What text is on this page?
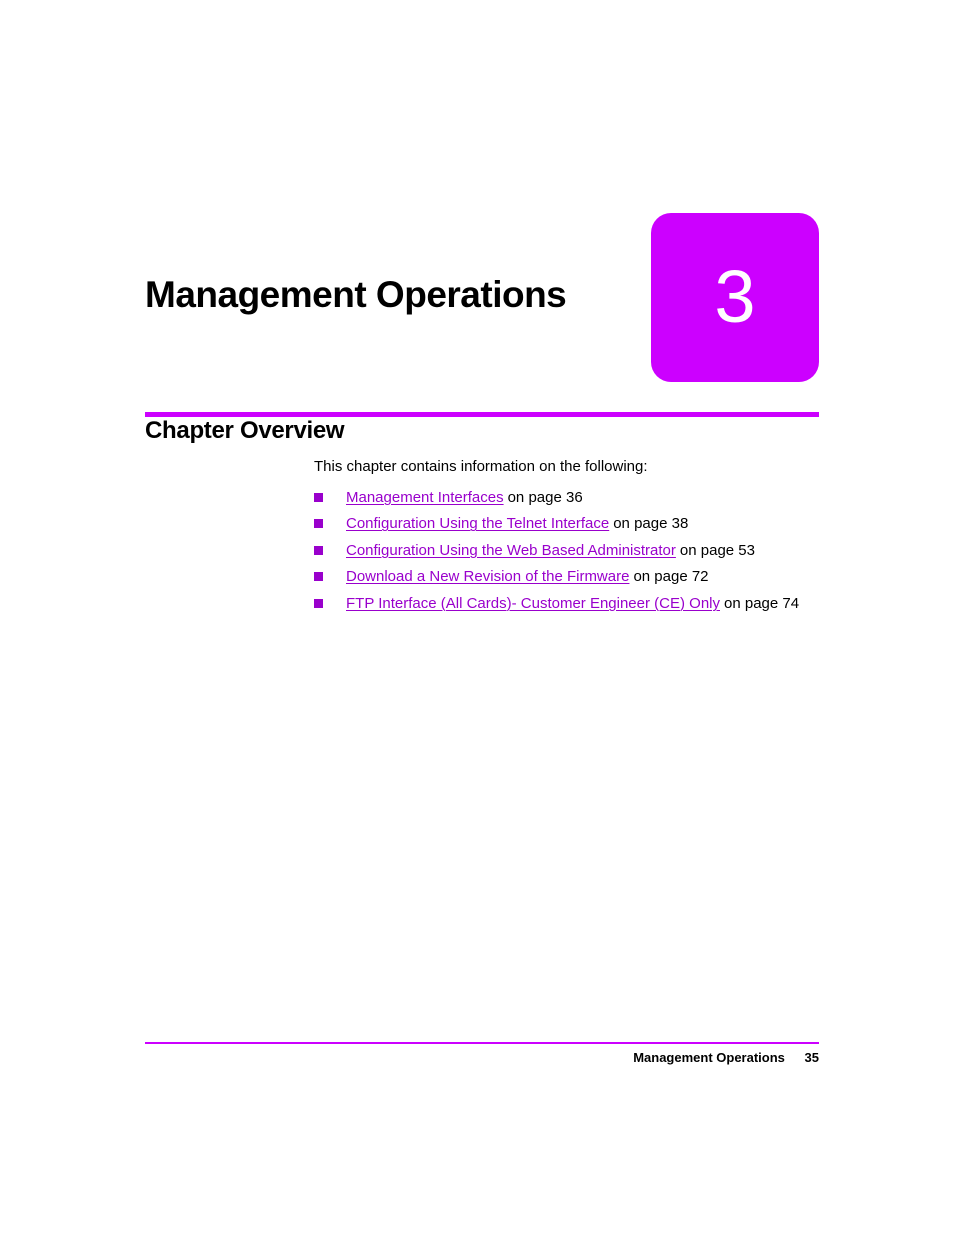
Management Operations 3
Chapter Overview

This chapter contains information on the following:

Management Interfaces on page 36
Configuration Using the Telnet Interface on page 38
Configuration Using the Web Based Administrator on page 53
Download a New Revision of the Firmware on page 72
FTP Interface (All Cards)- Customer Engineer (CE) Only on page 74
Management Operations 35
